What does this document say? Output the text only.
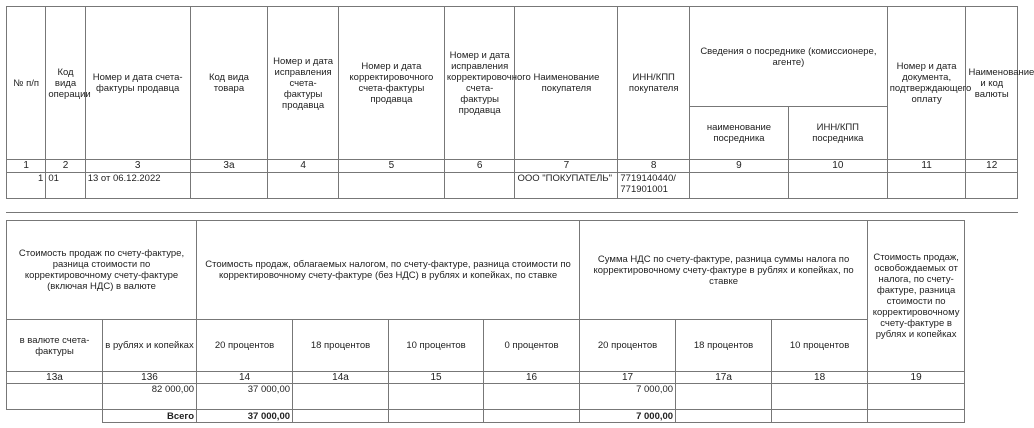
№ п/п	Код вида операции	Номер и дата счета-фактуры продавца	Код вида товара	Номер и дата исправления счета-фактуры продавца	Номер и дата корректировочного счета-фактуры продавца	Номер и дата исправления корректировочного счета-фактуры продавца	Наименование покупателя	ИНН/КПП покупателя	Сведения о посреднике (комиссионере, агенте)		Номер и дата документа, подтверждающего оплату	Наименование и код валюты
									наименование посредника	ИНН/КПП посредника		
1	2	3	3а	4	5	6	7	8	9	10	11	12
1	01	13 от 06.12.2022					ООО "ПОКУПАТЕЛЬ"	7719140440/ 771901001				
Стоимость продаж по счету-фактуре, разница стоимости по корректировочному счету-фактуре (включая НДС) в валюте		Стоимость продаж, облагаемых налогом, по счету-фактуре, разница стоимости по корректировочному счету-фактуре (без НДС) в рублях и копейках, по ставке				Сумма НДС по счету-фактуре, разница суммы налога по корректировочному счету-фактуре в рублях и копейках, по ставке			Стоимость продаж, освобождаемых от налога, по счету-фактуре, разница стоимости по корректировочному счету-фактуре в рублях и копейках
в валюте счета-фактуры	в рублях и копейках	20 процентов	18 процентов	10 процентов	0 процентов	20 процентов	18 процентов	10 процентов	
13а	136	14	14а	15	16	17	17а	18	19
	82 000,00	37 000,00				7 000,00			
	Всего	37 000,00				7 000,00			
